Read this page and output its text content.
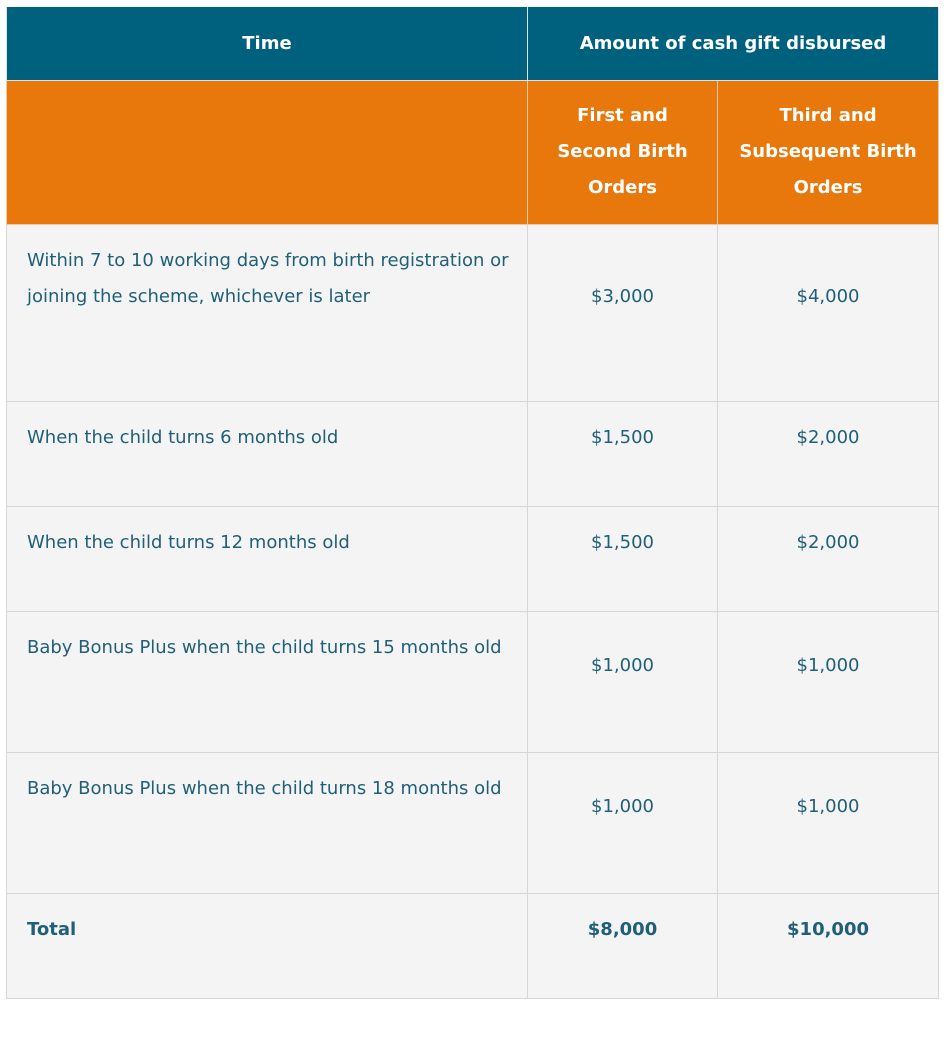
Time	Amount of cash gift disbursed	
	First and Second Birth Orders	Third and Subsequent Birth Orders
Within 7 to 10 working days from birth registration or joining the scheme, whichever is later	$3,000	$4,000
When the child turns 6 months old	$1,500	$2,000
When the child turns 12 months old	$1,500	$2,000
Baby Bonus Plus when the child turns 15 months old	$1,000	$1,000
Baby Bonus Plus when the child turns 18 months old	$1,000	$1,000
Total	$8,000	$10,000
